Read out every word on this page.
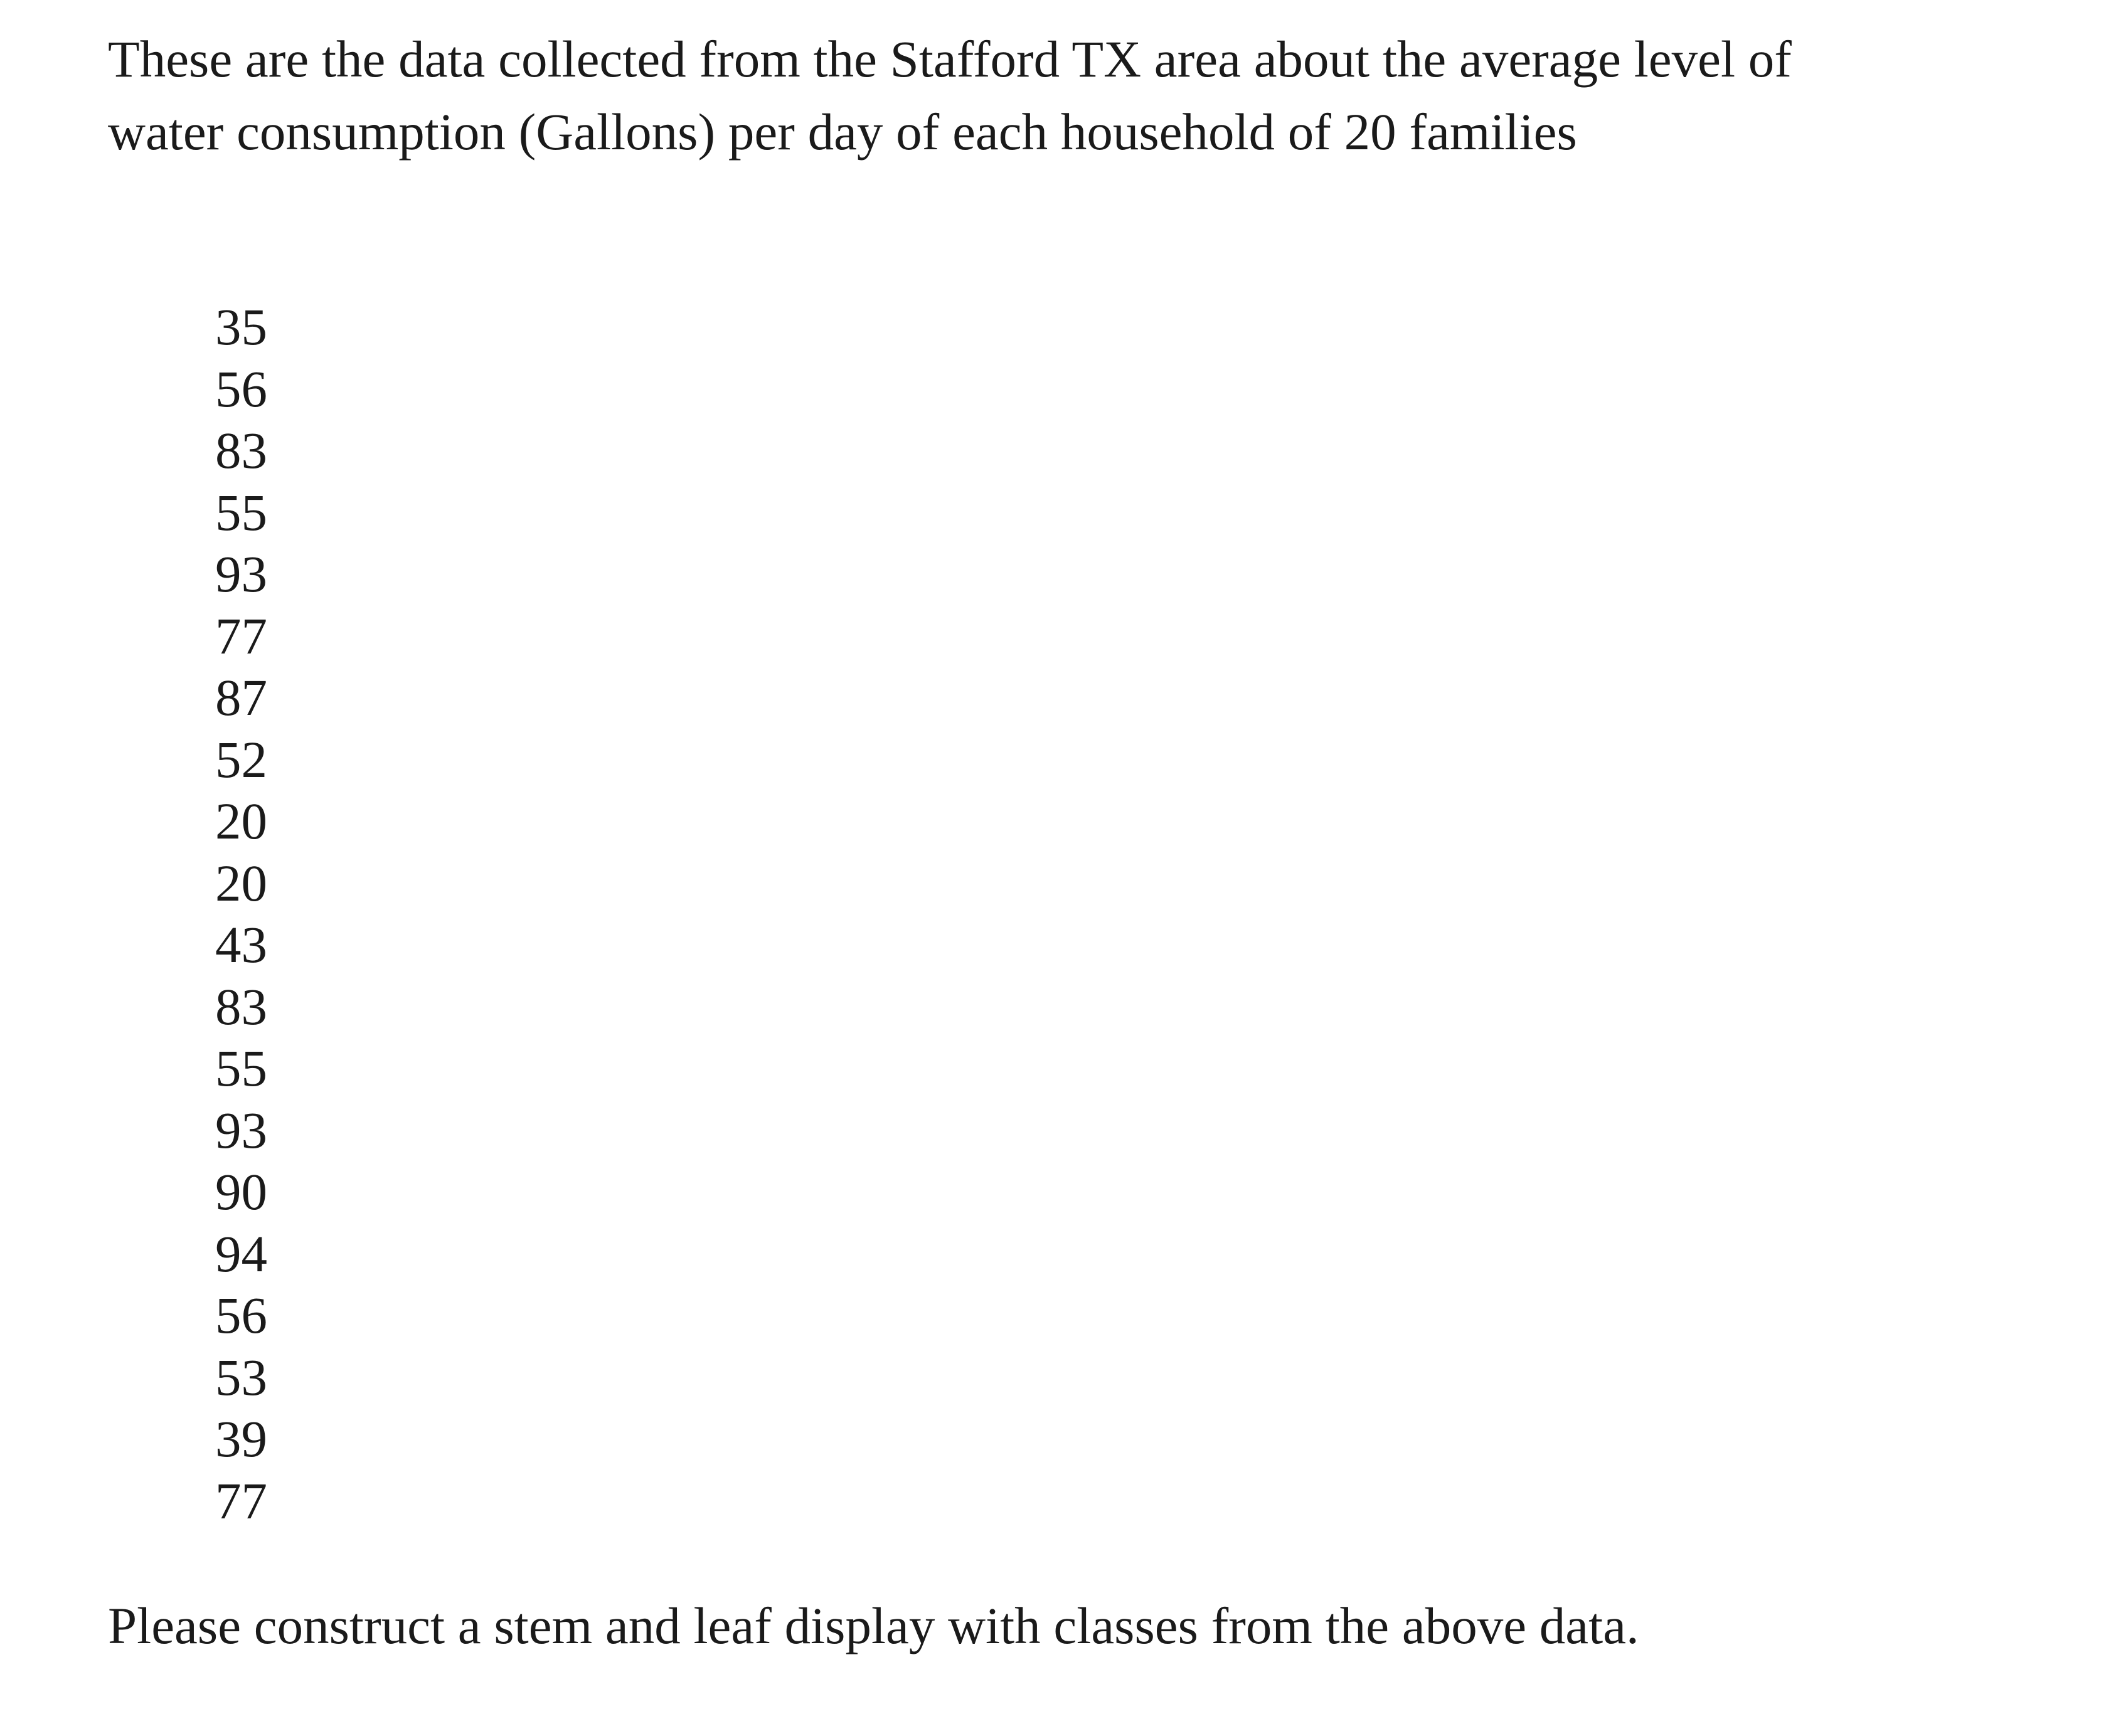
These are the data collected from the Stafford TX area about the average level of
water consumption (Gallons) per day of each household of 20 families

35
56
83
55
93
77
87
52
20
20
43
83
55
93
90
94
56
53
39
77

Please construct a stem and leaf display with classes from the above data.
